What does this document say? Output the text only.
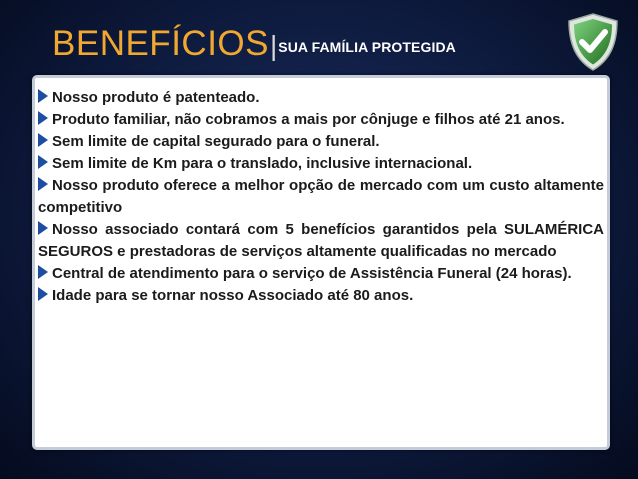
BENEFÍCIOS | SUA FAMÍLIA PROTEGIDA

Nosso produto é patenteado.

Produto familiar, não cobramos a mais por cônjuge e filhos até 21 anos.

Sem limite de capital segurado para o funeral.

Sem limite de Km para o translado, inclusive internacional.

Nosso produto oferece a melhor opção de mercado com um custo altamente competitivo

Nosso associado contará com 5 benefícios garantidos pela SULAMÉRICA SEGUROS e prestadoras de serviços altamente qualificadas no mercado

Central de atendimento para o serviço de Assistência Funeral (24 horas).

Idade para se tornar nosso Associado até 80 anos.
